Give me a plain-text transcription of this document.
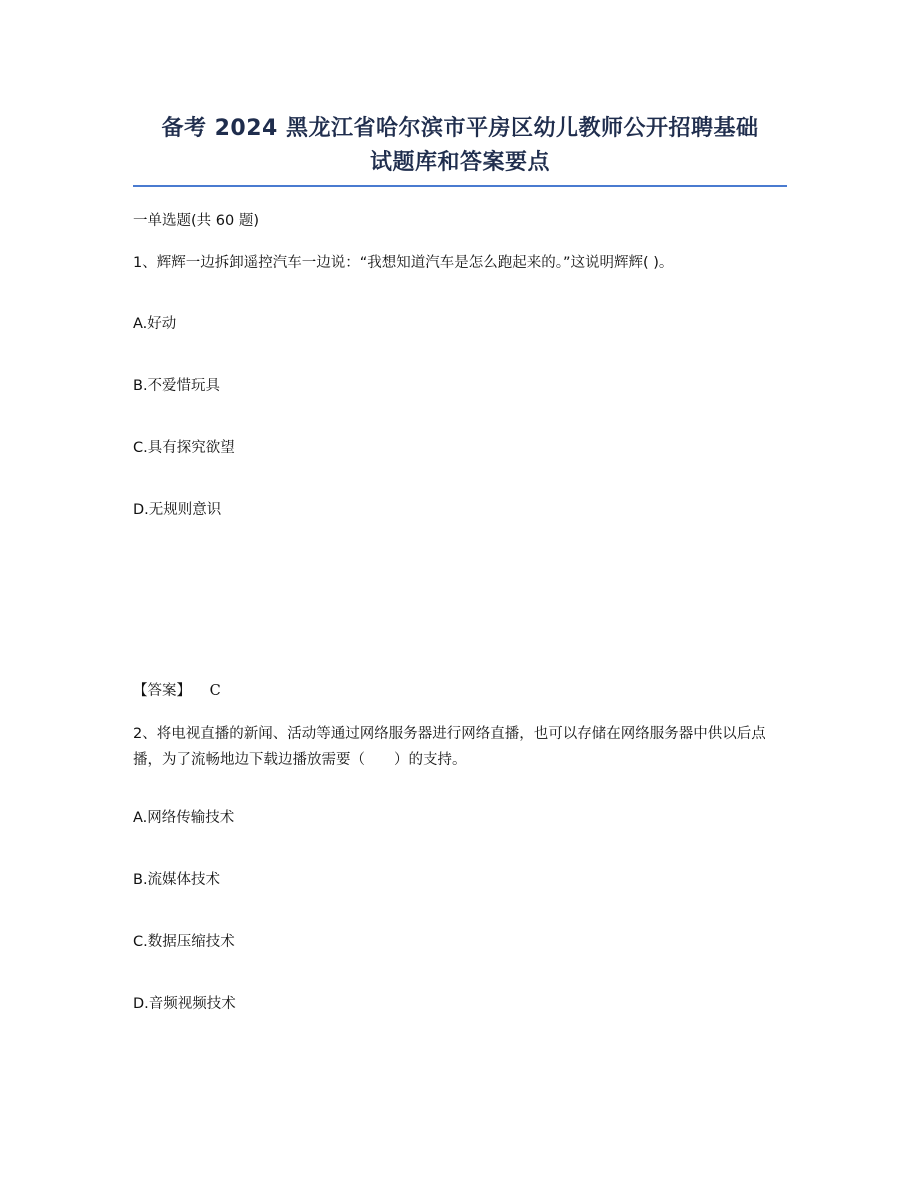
备考 2024 黑龙江省哈尔滨市平房区幼儿教师公开招聘基础
试题库和答案要点
一单选题(共 60 题)
1、辉辉一边拆卸遥控汽车一边说：“我想知道汽车是怎么跑起来的。”这说明辉辉( )。
A.好动
B.不爱惜玩具
C.具有探究欲望
D.无规则意识
【答案】 C
2、将电视直播的新闻、活动等通过网络服务器进行网络直播，也可以存储在网络服务器中供以后点播，为了流畅地边下载边播放需要（　　）的支持。
A.网络传输技术
B.流媒体技术
C.数据压缩技术
D.音频视频技术
